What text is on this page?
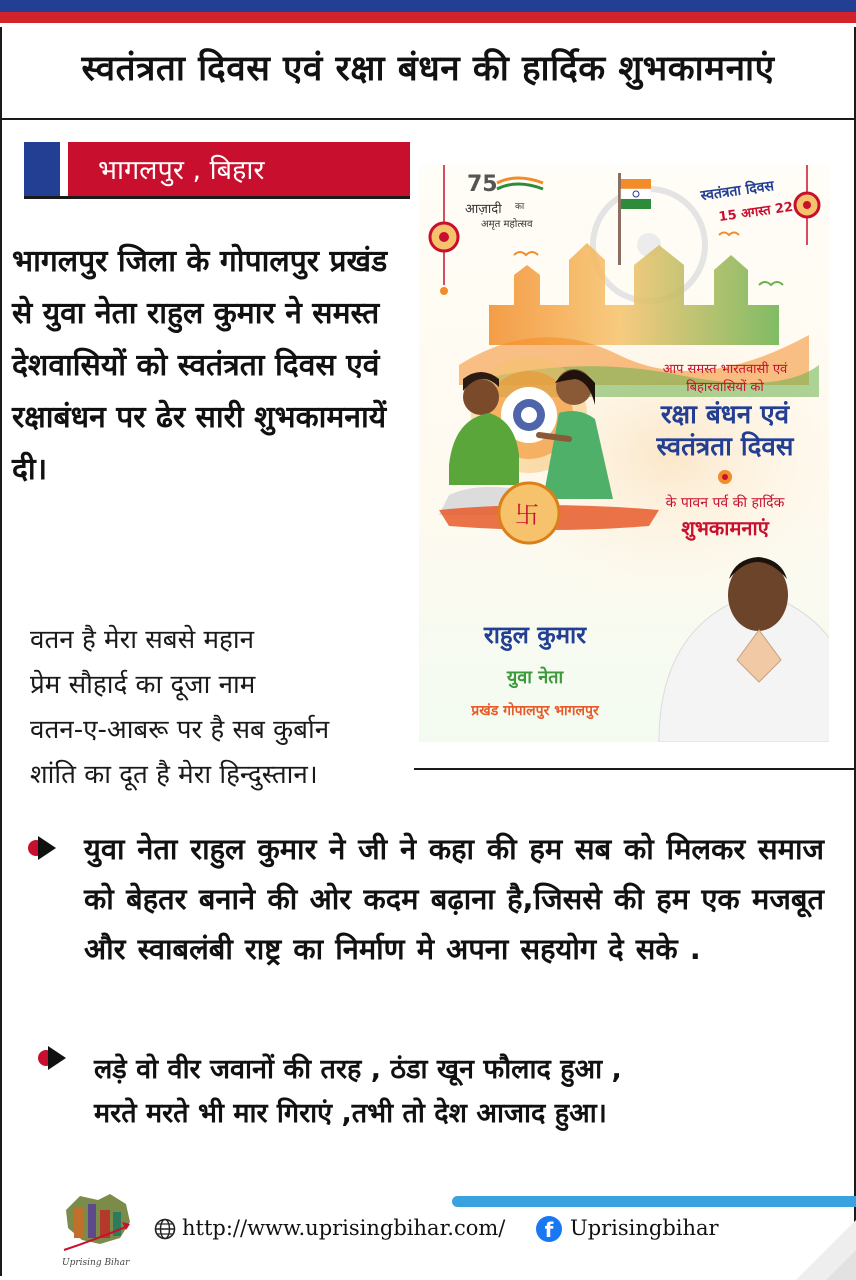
स्वतंत्रता दिवस एवं रक्षा बंधन की हार्दिक शुभकामनाएं
भागलपुर , बिहार
भागलपुर जिला के गोपालपुर प्रखंड से युवा नेता राहुल कुमार ने समस्त देशवासियों को स्वतंत्रता दिवस एवं रक्षाबंधन पर ढेर सारी शुभकामनायें दी।
वतन है मेरा सबसे महान
प्रेम सौहार्द का दूजा नाम
वतन-ए-आबरू पर है सब कुर्बान
शांति का दूत है मेरा हिन्दुस्तान।
卐
75
आज़ादी का
अमृत महोत्सव
स्वतंत्रता दिवस
15 अगस्त 22
आप समस्त भारतवासी एवं
बिहारवासियों को
रक्षा बंधन एवं
स्वतंत्रता दिवस
के पावन पर्व की हार्दिक
शुभकामनाएं
राहुल कुमार
युवा नेता
प्रखंड गोपालपुर भागलपुर
युवा नेता राहुल कुमार ने जी ने कहा की हम सब को मिलकर समाज को बेहतर बनाने की ओर कदम बढ़ाना है,जिससे की हम एक मजबूत और स्वाबलंबी राष्ट्र का निर्माण मे अपना सहयोग दे सके .
लड़े वो वीर जवानों की तरह , ठंडा खून फौलाद हुआ ,
मरते मरते भी मार गिराएं ,तभी तो देश आजाद हुआ।
Uprising Bihar
http://www.uprisingbihar.com/	f Uprisingbihar
